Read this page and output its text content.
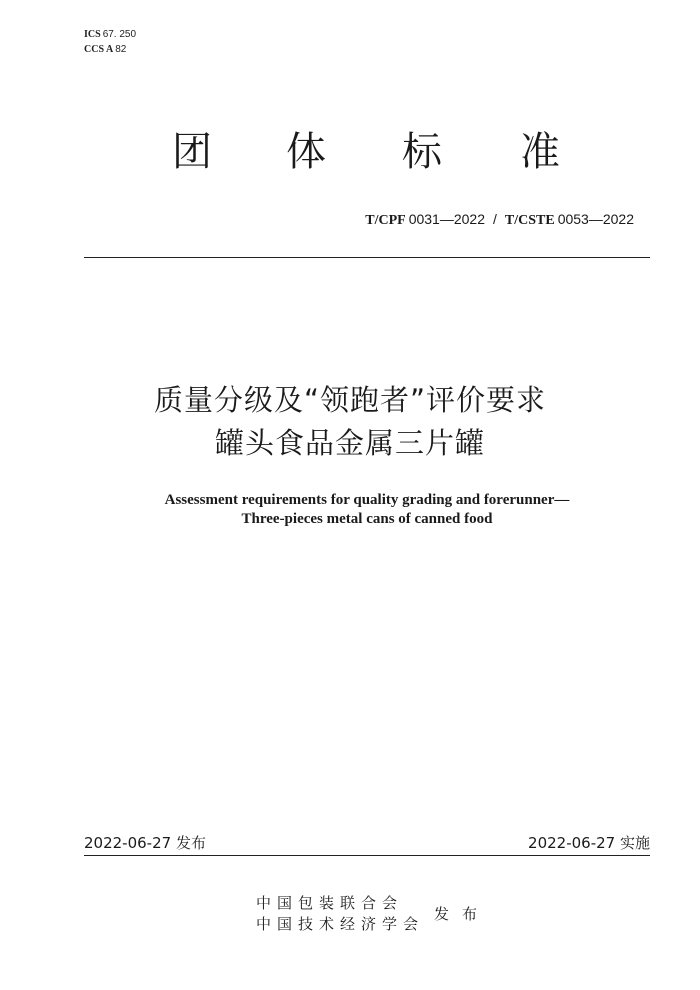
ICS 67. 250
CCS A 82
团 体 标 准
T/CPF 0031—2022 / T/CSTE 0053—2022
质量分级及“领跑者”评价要求
罐头食品金属三片罐
Assessment requirements for quality grading and forerunner—
Three-pieces metal cans of canned food
2022-06-27 发布	2022-06-27 实施
中国包装联合会
中国技术经济学会
发布
